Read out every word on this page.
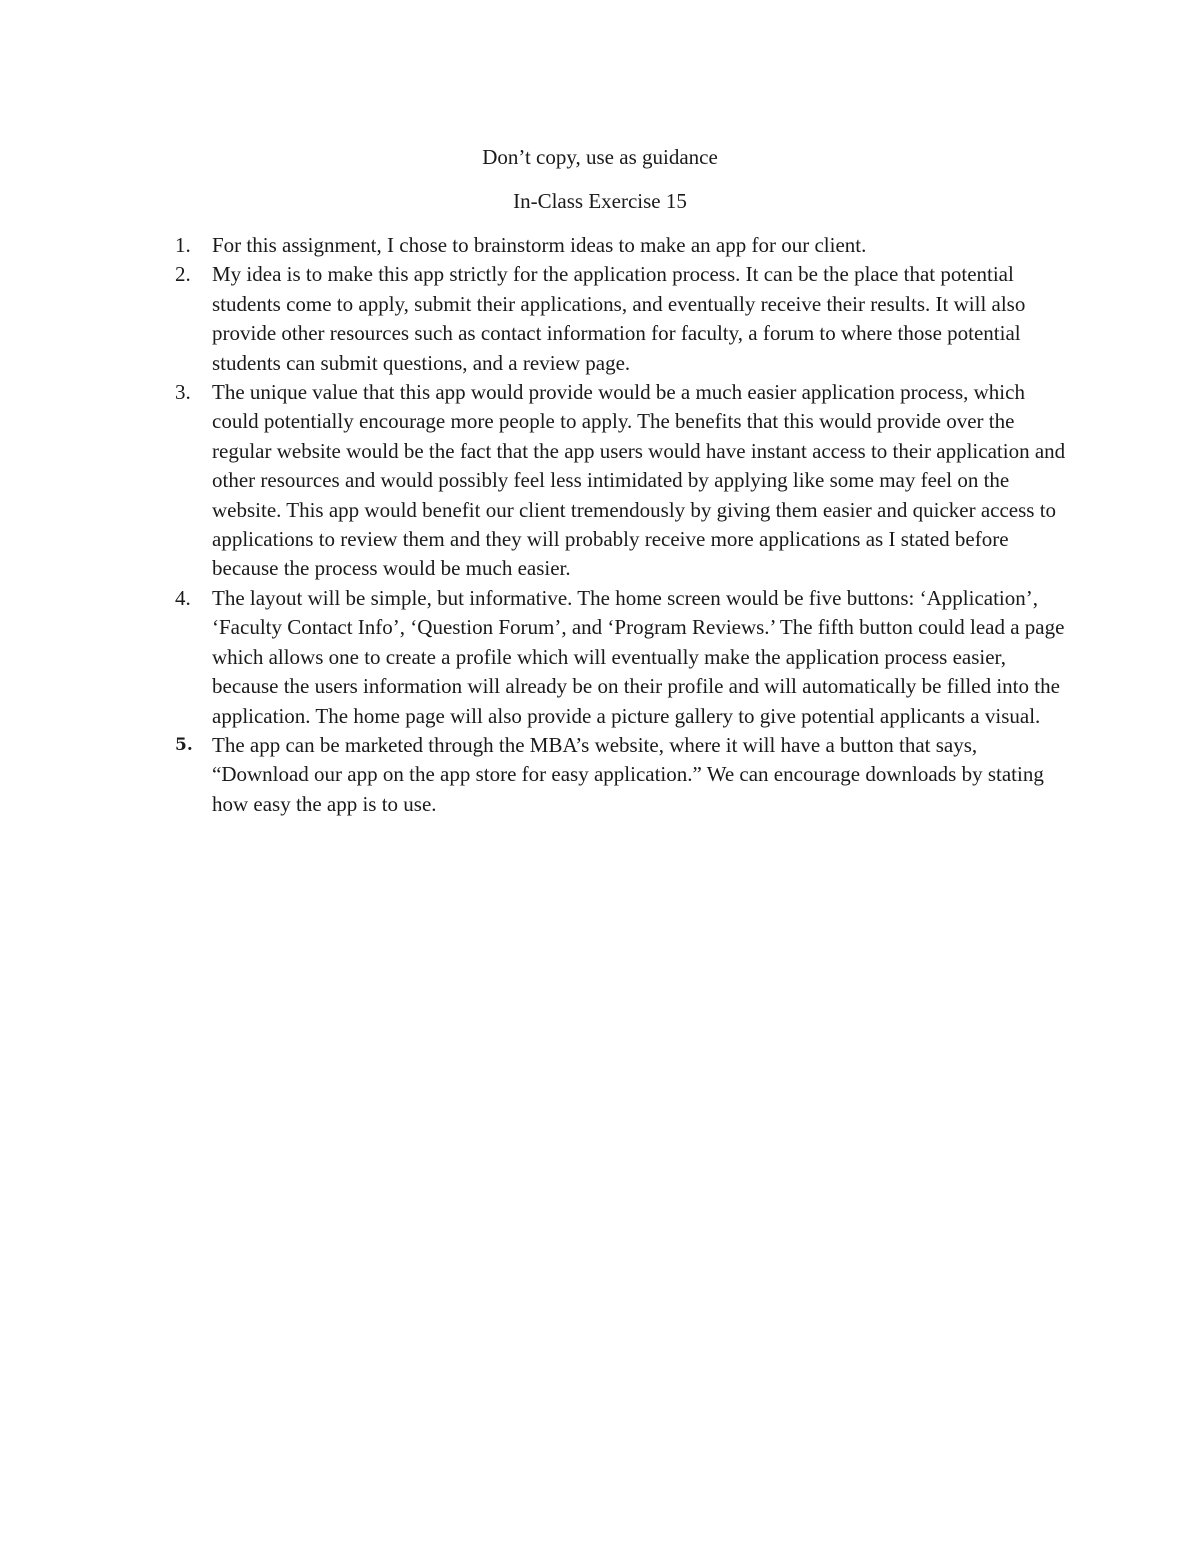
Don’t copy, use as guidance

In-Class Exercise 15

1.	For this assignment, I chose to brainstorm ideas to make an app for our client.
2.	My idea is to make this app strictly for the application process. It can be the place that potential students come to apply, submit their applications, and eventually receive their results. It will also provide other resources such as contact information for faculty, a forum to where those potential students can submit questions, and a review page.
3.	The unique value that this app would provide would be a much easier application process, which could potentially encourage more people to apply. The benefits that this would provide over the regular website would be the fact that the app users would have instant access to their application and other resources and would possibly feel less intimidated by applying like some may feel on the website. This app would benefit our client tremendously by giving them easier and quicker access to applications to review them and they will probably receive more applications as I stated before because the process would be much easier.
4.	The layout will be simple, but informative. The home screen would be five buttons: ‘Application’, ‘Faculty Contact Info’, ‘Question Forum’, and ‘Program Reviews.’ The fifth button could lead a page which allows one to create a profile which will eventually make the application process easier, because the users information will already be on their profile and will automatically be filled into the application. The home page will also provide a picture gallery to give potential applicants a visual.
5. The app can be marketed through the MBA’s website, where it will have a button that says, “Download our app on the app store for easy application.” We can encourage downloads by stating how easy the app is to use.
